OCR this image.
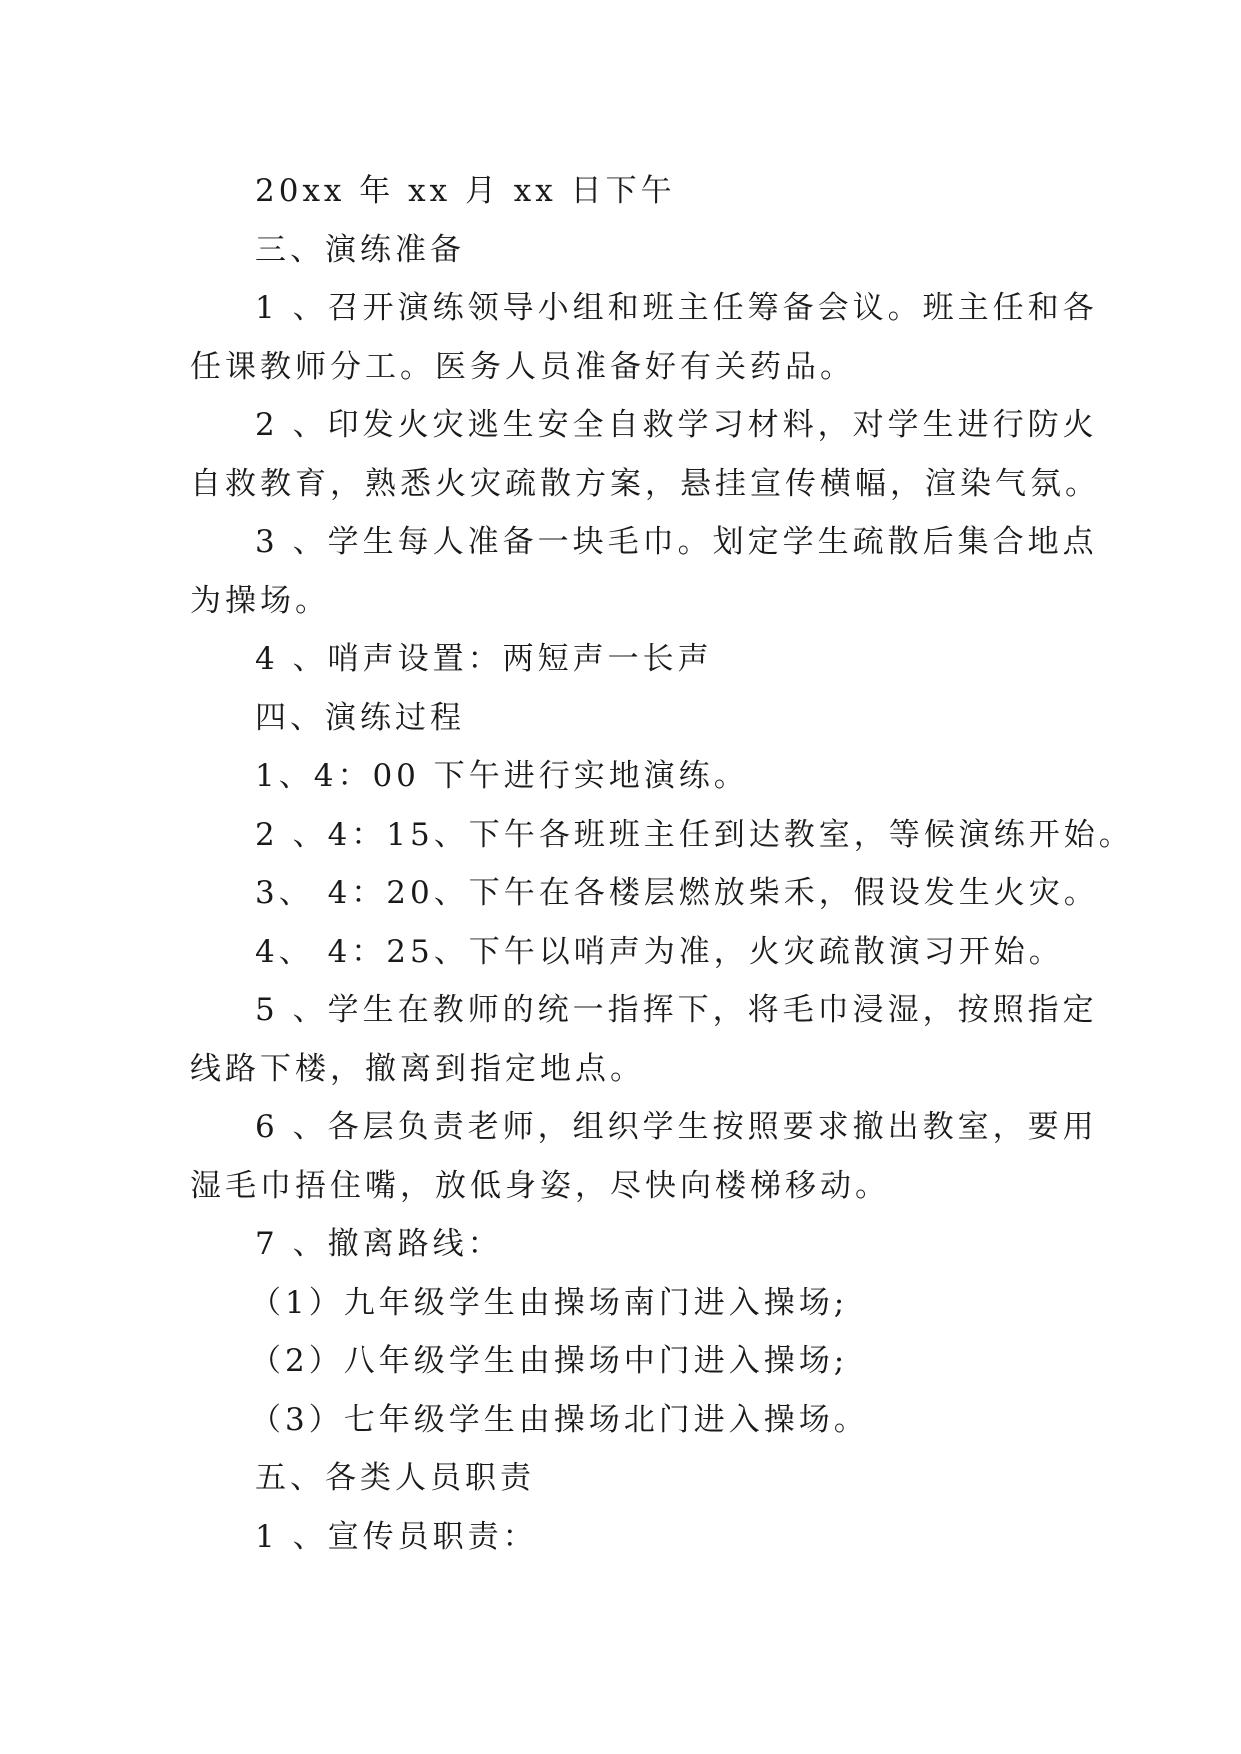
20xx 年 xx 月 xx 日下午
三、演练准备
1 、召开演练领导小组和班主任筹备会议。班主任和各
任课教师分工。医务人员准备好有关药品。
2 、印发火灾逃生安全自救学习材料，对学生进行防火
自救教育，熟悉火灾疏散方案，悬挂宣传横幅，渲染气氛。
3 、学生每人准备一块毛巾。划定学生疏散后集合地点
为操场。
4 、哨声设置：两短声一长声
四、演练过程
1、4：00 下午进行实地演练。
2 、4：15、下午各班班主任到达教室，等候演练开始。
3、 4：20、下午在各楼层燃放柴禾，假设发生火灾。
4、 4：25、下午以哨声为准，火灾疏散演习开始。
5 、学生在教师的统一指挥下，将毛巾浸湿，按照指定
线路下楼，撤离到指定地点。
6 、各层负责老师，组织学生按照要求撤出教室，要用
湿毛巾捂住嘴，放低身姿，尽快向楼梯移动。
7 、撤离路线：
（1）九年级学生由操场南门进入操场;
（2）八年级学生由操场中门进入操场;
（3）七年级学生由操场北门进入操场。
五、各类人员职责
1 、宣传员职责：
